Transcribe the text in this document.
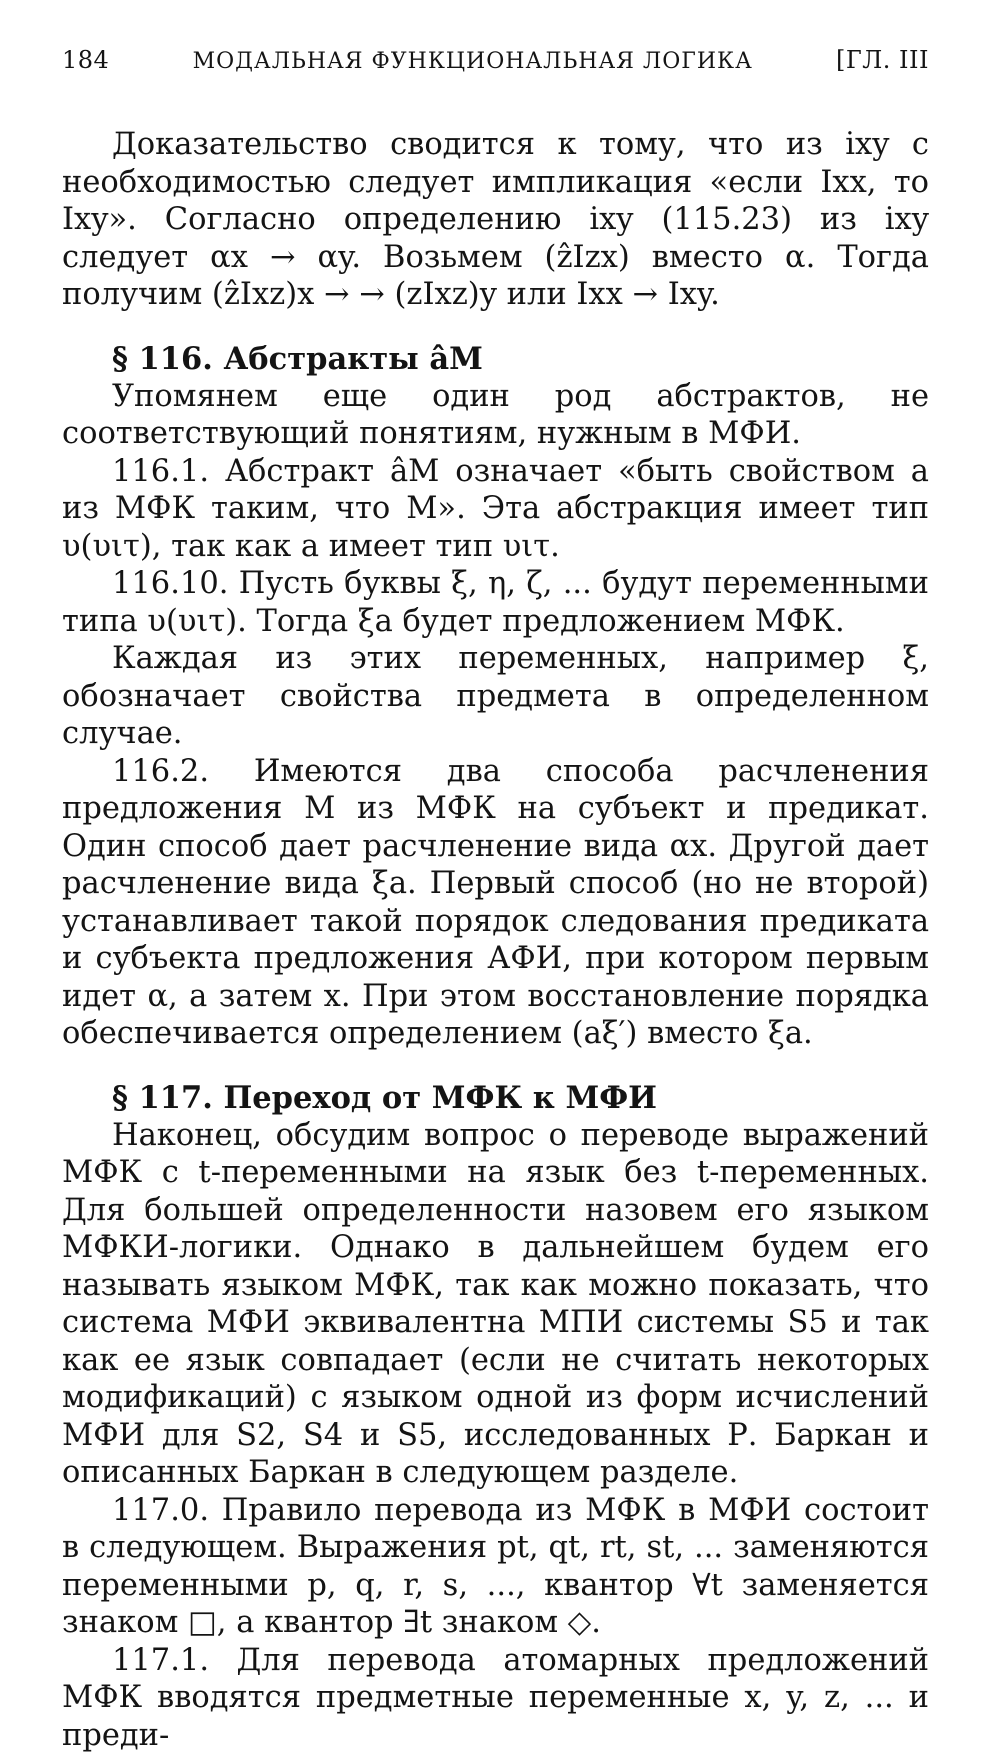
184	МОДАЛЬНАЯ ФУНКЦИОНАЛЬНАЯ ЛОГИКА	[ГЛ. III

Доказательство сводится к тому, что из ixy с необходимостью следует импликация «если Ixx, то Ixy». Согласно определению ixy (115.23) из ixy следует αx → αy. Возьмем (ẑIzx) вместо α. Тогда получим (ẑIxz)x → → (zIxz)y или Ixx → Ixy.

§ 116. Абстракты âM

Упомянем еще один род абстрактов, не соответствующий понятиям, нужным в МФИ.

116.1. Абстракт âM означает «быть свойством a из МФК таким, что M». Эта абстракция имеет тип υ(υιτ), так как a имеет тип υιτ.

116.10. Пусть буквы ξ, η, ζ, ... будут переменными типа υ(υιτ). Тогда ξa будет предложением МФК.

Каждая из этих переменных, например ξ, обозначает свойства предмета в определенном случае.

116.2. Имеются два способа расчленения предложения M из МФК на субъект и предикат. Один способ дает расчленение вида αx. Другой дает расчленение вида ξa. Первый способ (но не второй) устанавливает такой порядок следования предиката и субъекта предложения АФИ, при котором первым идет α, а затем x. При этом восстановление порядка обеспечивается определением (aξ′) вместо ξa.

§ 117. Переход от МФК к МФИ

Наконец, обсудим вопрос о переводе выражений МФК с t-переменными на язык без t-переменных. Для большей определенности назовем его языком МФКИ-логики. Однако в дальнейшем будем его называть языком МФК, так как можно показать, что система МФИ эквивалентна МПИ системы S5 и так как ее язык совпадает (если не считать некоторых модификаций) с языком одной из форм исчислений МФИ для S2, S4 и S5, исследованных Р. Баркан и описанных Баркан в следующем разделе.

117.0. Правило перевода из МФК в МФИ состоит в следующем. Выражения pt, qt, rt, st, ... заменяются переменными p, q, r, s, ..., квантор ∀t заменяется знаком □, а квантор ∃t знаком ◇.

117.1. Для перевода атомарных предложений МФК вводятся предметные переменные x, y, z, ... и преди-
